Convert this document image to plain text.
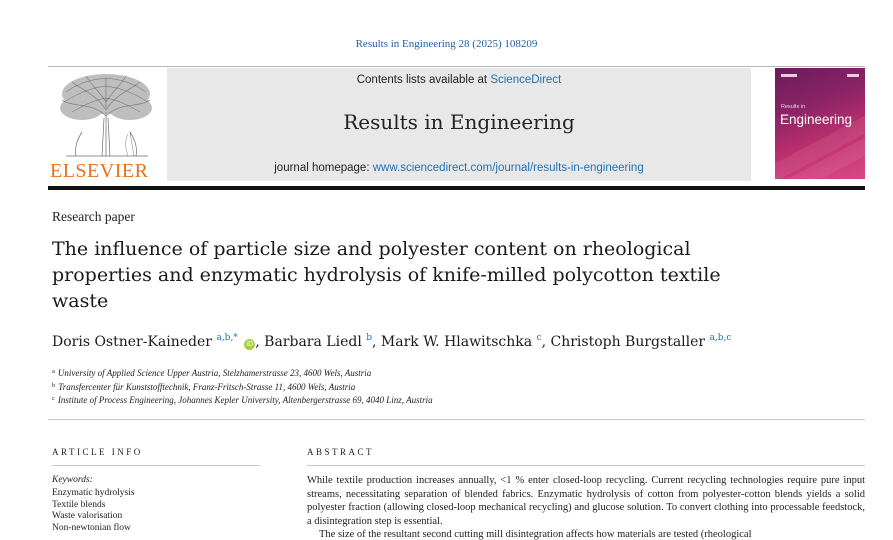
Results in Engineering 28 (2025) 108209
ELSEVIER
Contents lists available at ScienceDirect
Results in Engineering
journal homepage: www.sciencedirect.com/journal/results-in-engineering
Results in
Engineering
Research paper
The influence of particle size and polyester content on rheological properties and enzymatic hydrolysis of knife-milled polycotton textile waste
Doris Ostner-Kaineder $^{a,b,*}$ iD , Barbara Liedl $^b$, Mark W. Hlawitschka $^c$, Christoph Burgstaller $^{a,b,c}$
$^a$ University of Applied Science Upper Austria, Stelzhamerstrasse 23, 4600 Wels, Austria
$^b$ Transfercenter für Kunststofftechnik, Franz-Fritsch-Strasse 11, 4600 Wels, Austria
$^c$ Institute of Process Engineering, Johannes Kepler University, Altenbergerstrasse 69, 4040 Linz, Austria
ARTICLE INFO
Keywords:
Enzymatic hydrolysis
Textile blends
Waste valorisation
Non-newtonian flow
ABSTRACT

While textile production increases annually, <1 % enter closed-loop recycling. Current recycling technologies require pure input streams, necessitating separation of blended fabrics. Enzymatic hydrolysis of cotton from polyester-cotton blends yields a solid polyester fraction (allowing closed-loop mechanical recycling) and glucose solution. To convert clothing into processable feedstock, a disintegration step is essential.

The size of the resultant second cutting mill disintegration affects how materials are tested (rheological
